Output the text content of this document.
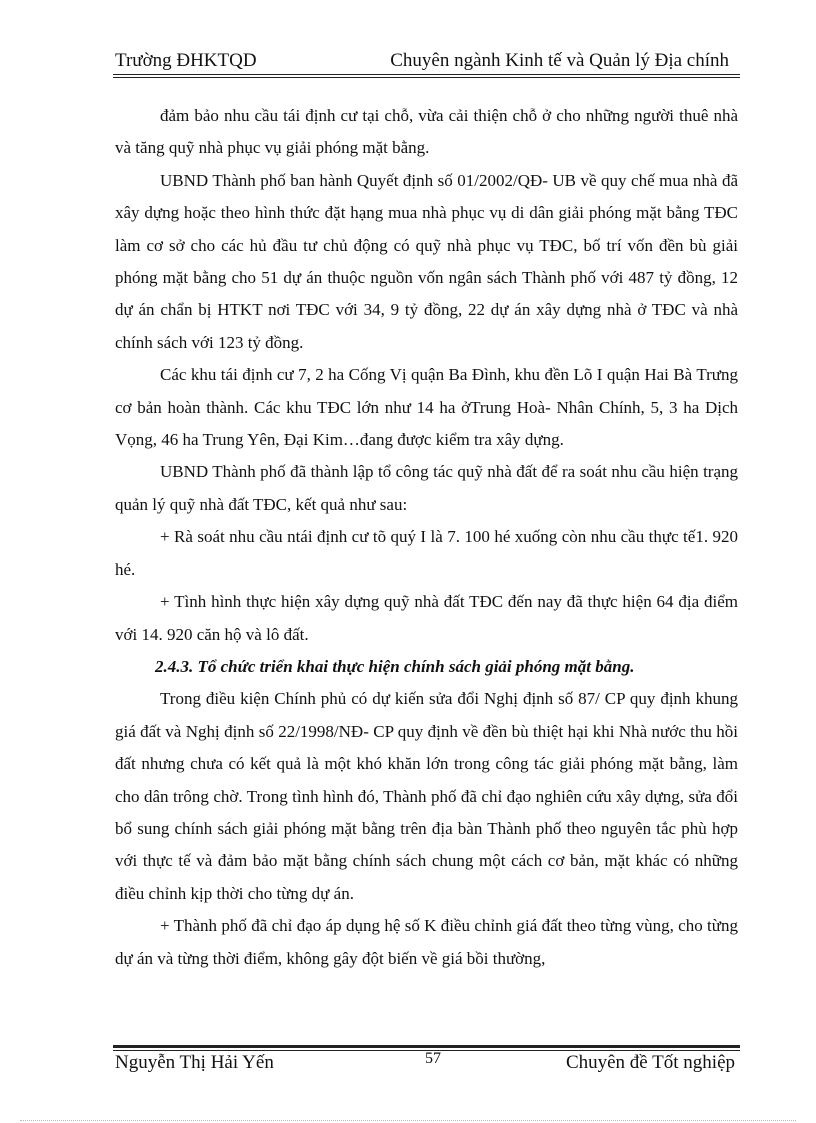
Trường ĐHKTQD	Chuyên ngành Kinh tế và Quản lý Địa chính

đảm bảo nhu cầu tái định cư tại chỗ, vừa cải thiện chỗ ở cho những người thuê nhà và tăng quỹ nhà phục vụ giải phóng mặt bằng.

UBND Thành phố ban hành Quyết định số 01/2002/QĐ- UB về quy chế mua nhà đã xây dựng hoặc theo hình thức đặt hạng mua nhà phục vụ di dân giải phóng mặt bằng TĐC làm cơ sở cho các hủ đầu tư chủ động có quỹ nhà phục vụ TĐC, bố trí vốn đền bù giải phóng mặt bằng cho 51 dự án thuộc nguồn vốn ngân sách Thành phố với 487 tỷ đồng, 12 dự án chẩn bị HTKT nơi TĐC với 34, 9 tỷ đồng, 22 dự án xây dựng nhà ở TĐC và nhà chính sách với 123 tỷ đồng.

Các khu tái định cư 7, 2 ha Cống Vị quận Ba Đình, khu đền Lõ I quận Hai Bà Trưng cơ bản hoàn thành. Các khu TĐC lớn như 14 ha ởTrung Hoà- Nhân Chính, 5, 3 ha Dịch Vọng, 46 ha Trung Yên, Đại Kim…đang được kiểm tra xây dựng.

UBND Thành phố đã thành lập tổ công tác quỹ nhà đất để ra soát nhu cầu hiện trạng quản lý quỹ nhà đất TĐC, kết quả như sau:

+ Rà soát nhu cầu ntái định cư tõ quý I là 7. 100 hé xuống còn nhu cầu thực tế1. 920 hé.

+ Tình hình thực hiện xây dựng quỹ nhà đất TĐC đến nay đã thực hiện 64 địa điểm với 14. 920 căn hộ và lô đất.

2.4.3. Tổ chức triển khai thực hiện chính sách giải phóng mặt bằng.

Trong điều kiện Chính phủ có dự kiến sửa đổi Nghị định số 87/ CP quy định khung giá đất và Nghị định số 22/1998/NĐ- CP quy định về đền bù thiệt hại khi Nhà nước thu hồi đất nhưng chưa có kết quả là một khó khăn lớn trong công tác giải phóng mặt bằng, làm cho dân trông chờ. Trong tình hình đó, Thành phố đã chỉ đạo nghiên cứu xây dựng, sửa đổi bổ sung chính sách giải phóng mặt bằng trên địa bàn Thành phố theo nguyên tắc phù hợp với thực tế và đảm bảo mặt bằng chính sách chung một cách cơ bản, mặt khác có những điều chỉnh kịp thời cho từng dự án.

+ Thành phố đã chỉ đạo áp dụng hệ số K điều chỉnh giá đất theo từng vùng, cho từng dự án và từng thời điểm, không gây đột biến về giá bồi thường,

Nguyễn Thị Hải Yến	57	Chuyên đề Tốt nghiệp
